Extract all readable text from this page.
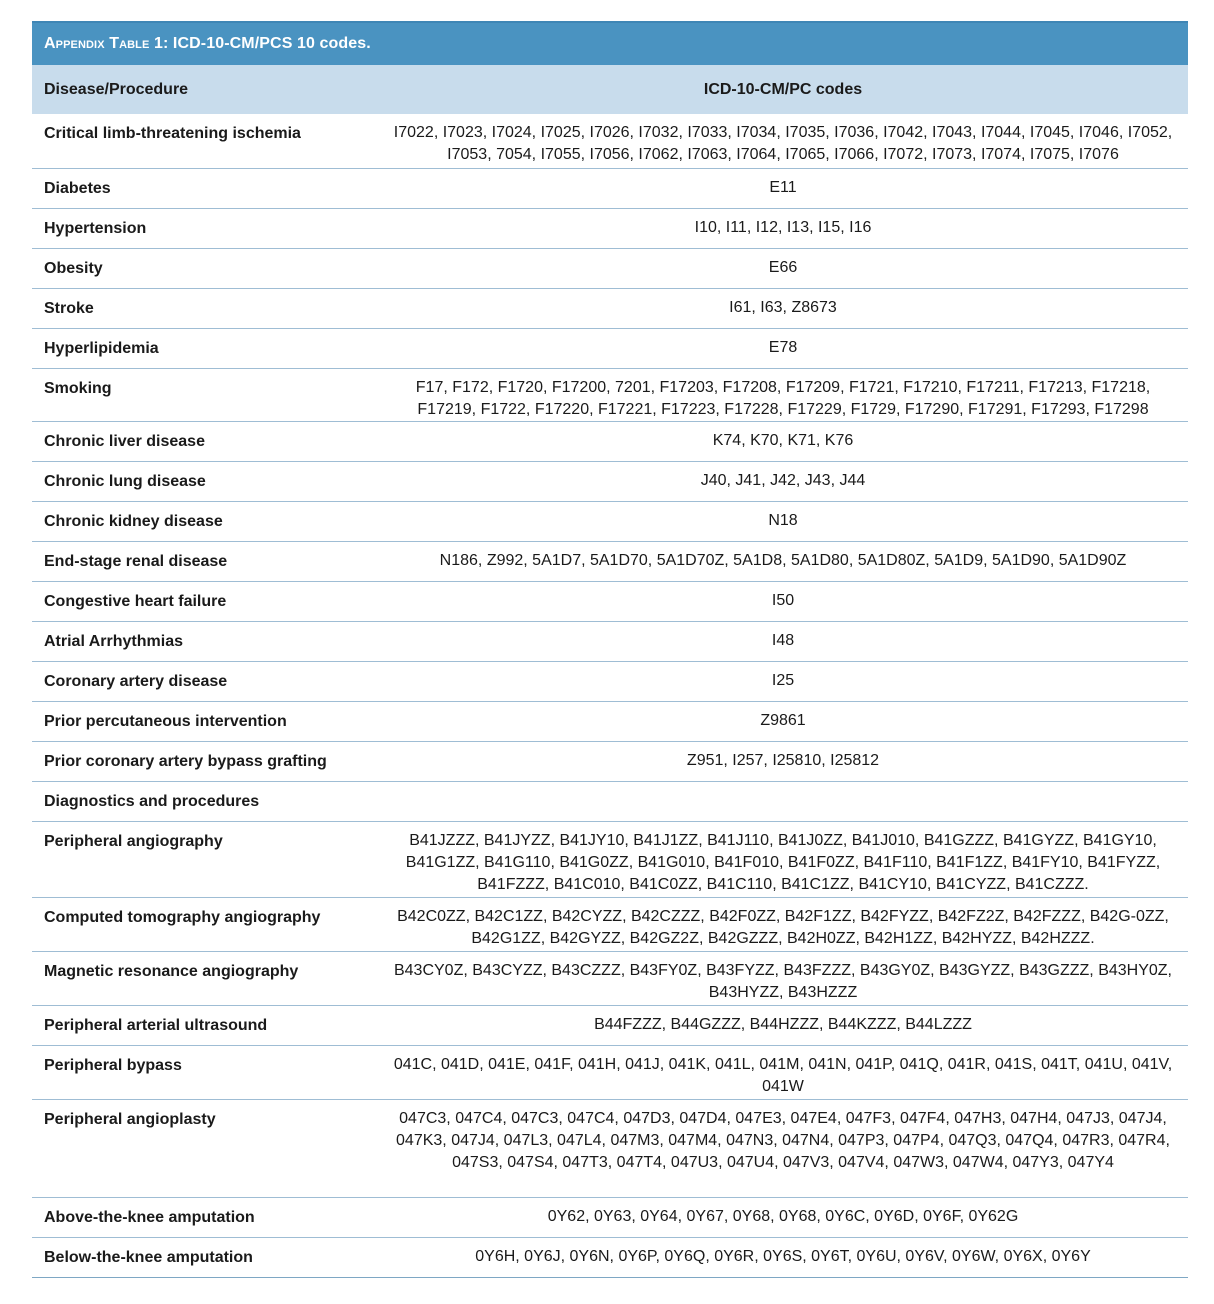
Appendix Table 1: ICD-10-CM/PCS 10 codes.
Disease/Procedure	ICD-10-CM/PC codes
Critical limb-threatening ischemia	I7022, I7023, I7024, I7025, I7026, I7032, I7033, I7034, I7035, I7036, I7042, I7043, I7044, I7045, I7046, I7052, I7053, 7054, I7055, I7056, I7062, I7063, I7064, I7065, I7066, I7072, I7073, I7074, I7075, I7076
Diabetes	E11
Hypertension	I10, I11, I12, I13, I15, I16
Obesity	E66
Stroke	I61, I63, Z8673
Hyperlipidemia	E78
Smoking	F17, F172, F1720, F17200, 7201, F17203, F17208, F17209, F1721, F17210, F17211, F17213, F17218, F17219, F1722, F17220, F17221, F17223, F17228, F17229, F1729, F17290, F17291, F17293, F17298
Chronic liver disease	K74, K70, K71, K76
Chronic lung disease	J40, J41, J42, J43, J44
Chronic kidney disease	N18
End-stage renal disease	N186, Z992, 5A1D7, 5A1D70, 5A1D70Z, 5A1D8, 5A1D80, 5A1D80Z, 5A1D9, 5A1D90, 5A1D90Z
Congestive heart failure	I50
Atrial Arrhythmias	I48
Coronary artery disease	I25
Prior percutaneous intervention	Z9861
Prior coronary artery bypass grafting	Z951, I257, I25810, I25812
Diagnostics and procedures
Peripheral angiography	B41JZZZ, B41JYZZ, B41JY10, B41J1ZZ, B41J110, B41J0ZZ, B41J010, B41GZZZ, B41GYZZ, B41GY10, B41G1ZZ, B41G110, B41G0ZZ, B41G010, B41F010, B41F0ZZ, B41F110, B41F1ZZ, B41FY10, B41FYZZ, B41FZZZ, B41C010, B41C0ZZ, B41C110, B41C1ZZ, B41CY10, B41CYZZ, B41CZZZ.
Computed tomography angiography	B42C0ZZ, B42C1ZZ, B42CYZZ, B42CZZZ, B42F0ZZ, B42F1ZZ, B42FYZZ, B42FZ2Z, B42FZZZ, B42G-0ZZ, B42G1ZZ, B42GYZZ, B42GZ2Z, B42GZZZ, B42H0ZZ, B42H1ZZ, B42HYZZ, B42HZZZ.
Magnetic resonance angiography	B43CY0Z, B43CYZZ, B43CZZZ, B43FY0Z, B43FYZZ, B43FZZZ, B43GY0Z, B43GYZZ, B43GZZZ, B43HY0Z, B43HYZZ, B43HZZZ
Peripheral arterial ultrasound	B44FZZZ, B44GZZZ, B44HZZZ, B44KZZZ, B44LZZZ
Peripheral bypass	041C, 041D, 041E, 041F, 041H, 041J, 041K, 041L, 041M, 041N, 041P, 041Q, 041R, 041S, 041T, 041U, 041V, 041W
Peripheral angioplasty	047C3, 047C4, 047C3, 047C4, 047D3, 047D4, 047E3, 047E4, 047F3, 047F4, 047H3, 047H4, 047J3, 047J4, 047K3, 047J4, 047L3, 047L4, 047M3, 047M4, 047N3, 047N4, 047P3, 047P4, 047Q3, 047Q4, 047R3, 047R4, 047S3, 047S4, 047T3, 047T4, 047U3, 047U4, 047V3, 047V4, 047W3, 047W4, 047Y3, 047Y4
Above-the-knee amputation	0Y62, 0Y63, 0Y64, 0Y67, 0Y68, 0Y68, 0Y6C, 0Y6D, 0Y6F, 0Y62G
Below-the-knee amputation	0Y6H, 0Y6J, 0Y6N, 0Y6P, 0Y6Q, 0Y6R, 0Y6S, 0Y6T, 0Y6U, 0Y6V, 0Y6W, 0Y6X, 0Y6Y
